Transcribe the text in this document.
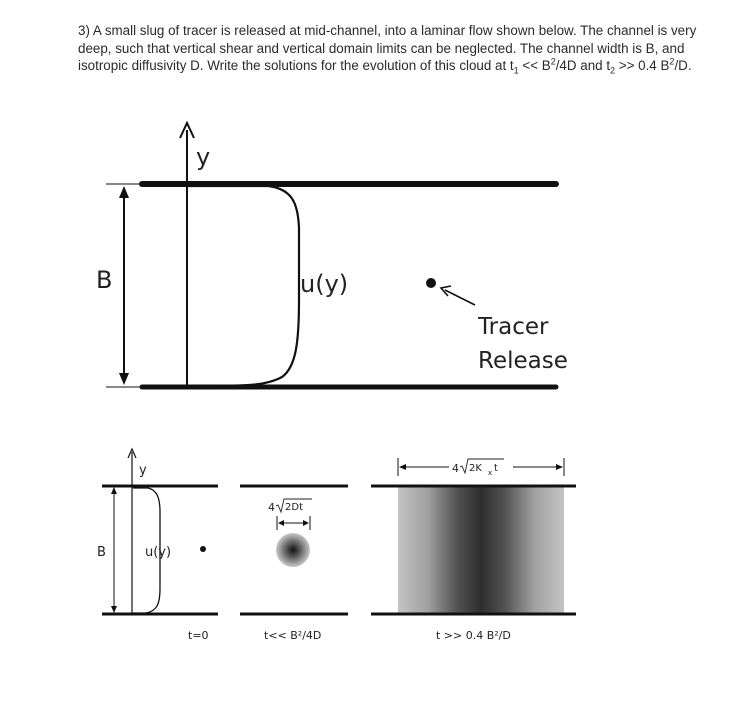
3) A small slug of tracer is released at mid-channel, into a laminar flow shown below. The channel is very deep, such that vertical shear and vertical domain limits can be neglected. The channel width is B, and isotropic diffusivity D. Write the solutions for the evolution of this cloud at $t_1 << B^2/4D$ and $t_2 >> 0.4$ $B^2/D$.

y
B	u(y)
Tracer
Release
y
B	u(y)
t=0
4 2Dt
t<< B²/4D
4 2K x t
t >> 0.4 B²/D
